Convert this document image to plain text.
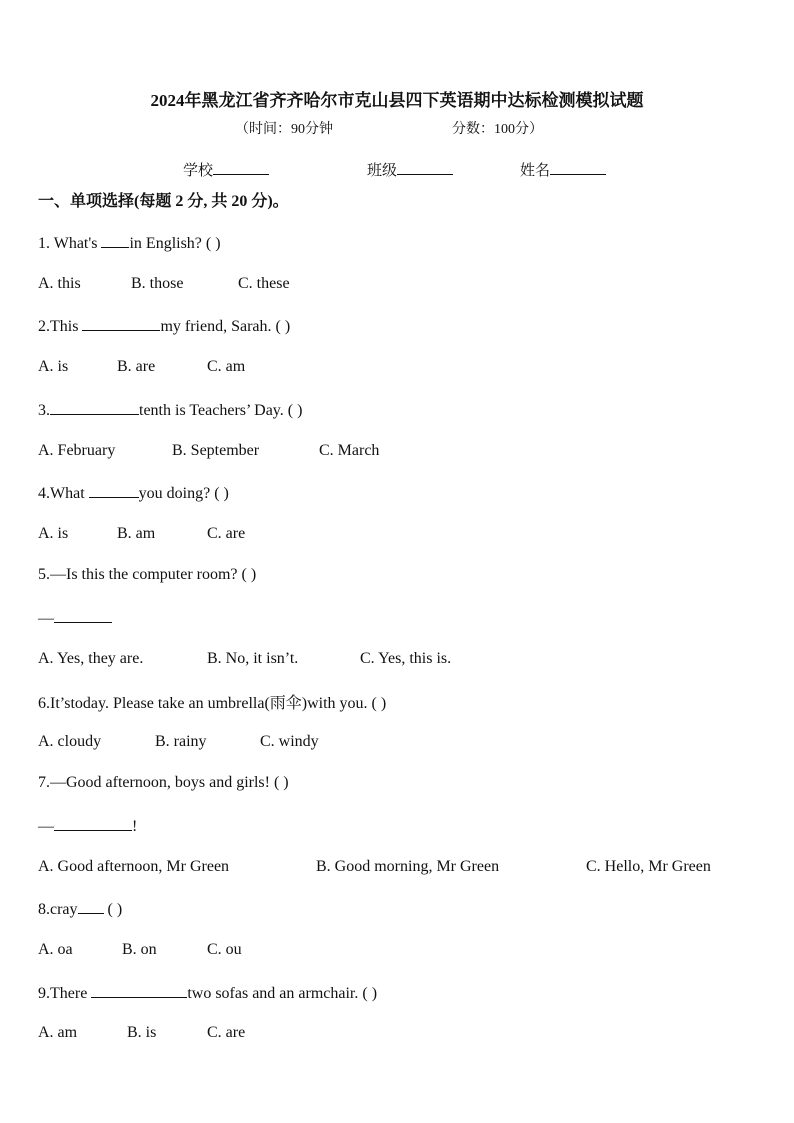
2024年黑龙江省齐齐哈尔市克山县四下英语期中达标检测模拟试题
（时间：90分钟	分数：100分）
学校	班级	姓名
一、单项选择(每题 2 分, 共 20 分)。
1. What's in English? ( )
A. this	B. those	C. these
2.This	my friend, Sarah. ( )
A. is	B. are	C. am
3.	tenth is Teachers’ Day. ( )
A. February	B. September	C. March
4.What	you doing? ( )
A. is	B. am	C. are
5.—Is this the computer room? ( )
—
A. Yes, they are.	B. No, it isn’t.	C. Yes, this is.
6.It’stoday. Please take an umbrella(雨伞)with you. ( )
A. cloudy	B. rainy	C. windy
7.—Good afternoon, boys and girls! ( )
—	!
A. Good afternoon, Mr Green	B. Good morning, Mr Green	C. Hello, Mr Green
8.cray ( )
A. oa	B. on	C. ou
9.There	two sofas and an armchair. ( )
A. am	B. is	C. are
